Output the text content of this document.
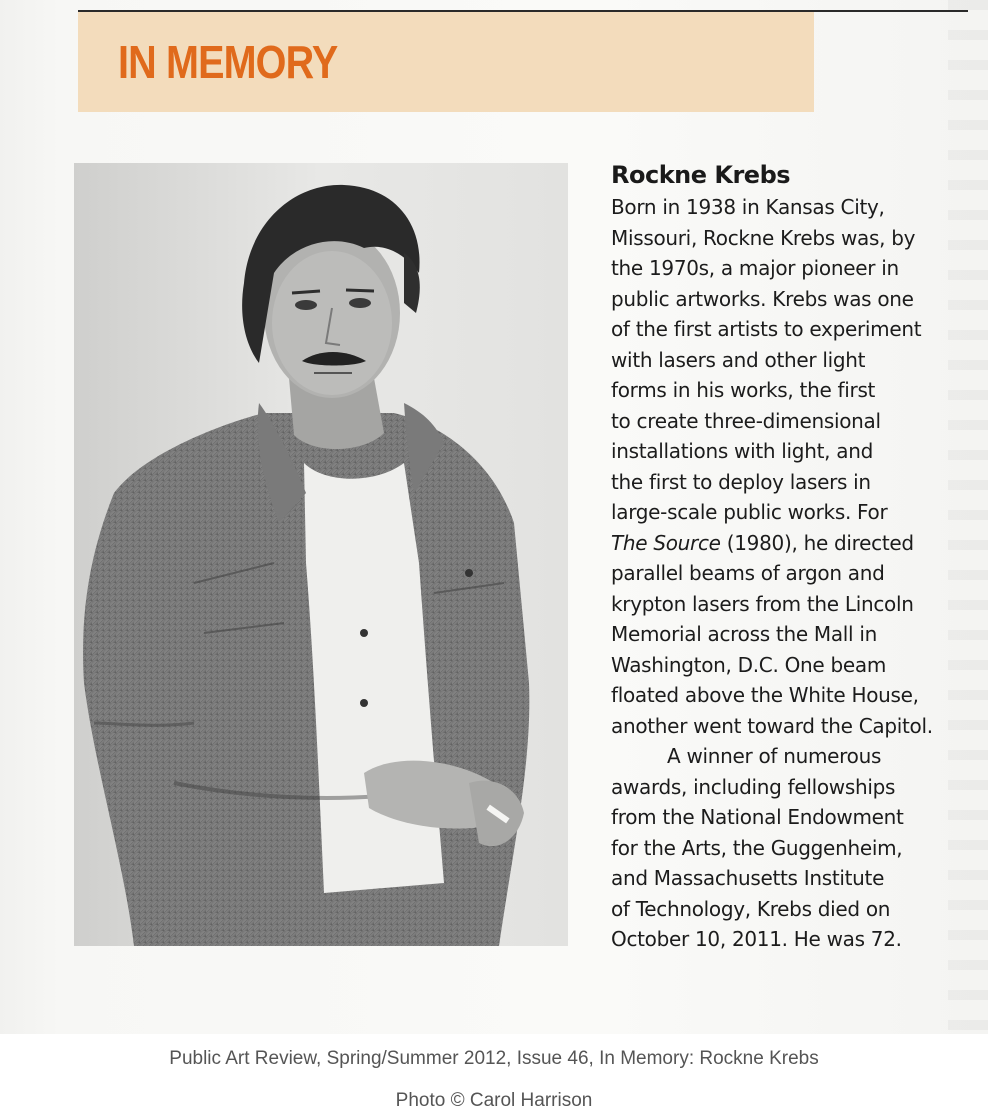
IN MEMORY
Rockne Krebs
Born in 1938 in Kansas City,
Missouri, Rockne Krebs was, by
the 1970s, a major pioneer in
public artworks. Krebs was one
of the first artists to experiment
with lasers and other light
forms in his works, the first
to create three-dimensional
installations with light, and
the first to deploy lasers in
large-scale public works. For
The Source (1980), he directed
parallel beams of argon and
krypton lasers from the Lincoln
Memorial across the Mall in
Washington, D.C. One beam
floated above the White House,
another went toward the Capitol.
A winner of numerous
awards, including fellowships
from the National Endowment
for the Arts, the Guggenheim,
and Massachusetts Institute
of Technology, Krebs died on
October 10, 2011. He was 72.
Public Art Review, Spring/Summer 2012, Issue 46, In Memory: Rockne Krebs
Photo © Carol Harrison
